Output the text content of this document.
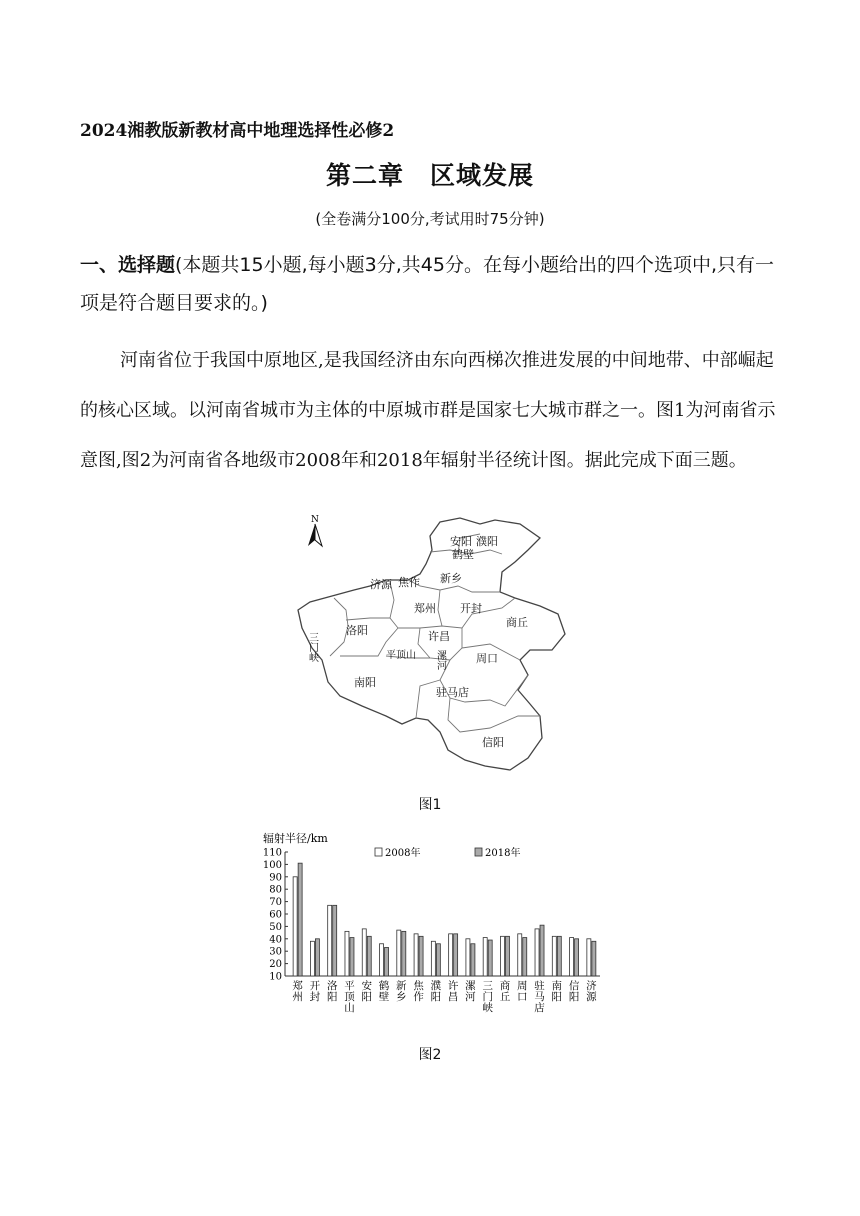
2024湘教版新教材高中地理选择性必修2
第二章　区域发展
(全卷满分100分,考试用时75分钟)
一、选择题(本题共15小题,每小题3分,共45分。在每小题给出的四个选项中,只有一项是符合题目要求的。)
河南省位于我国中原地区,是我国经济由东向西梯次推进发展的中间地带、中部崛起的核心区域。以河南省城市为主体的中原城市群是国家七大城市群之一。图1为河南省示意图,图2为河南省各地级市2008年和2018年辐射半径统计图。据此完成下面三题。
N
安阳 濮阳
鹤壁
新乡
济源 焦作
郑州 开封
商丘
三门峡
洛阳	许昌
漯河
平顶山	周口
南阳
驻马店
信阳
图1
辐射半径/km
2008年	2018年
10
20
30
40
50
60
70
80
90
100
110
郑
州
开
封
洛
阳
平
顶
山
安
阳
鹤
壁
新
乡
焦
作
濮
阳
许
昌
漯
河
三
门
峡
商
丘
周
口
驻
马
店
南
阳
信
阳
济
源
图2
